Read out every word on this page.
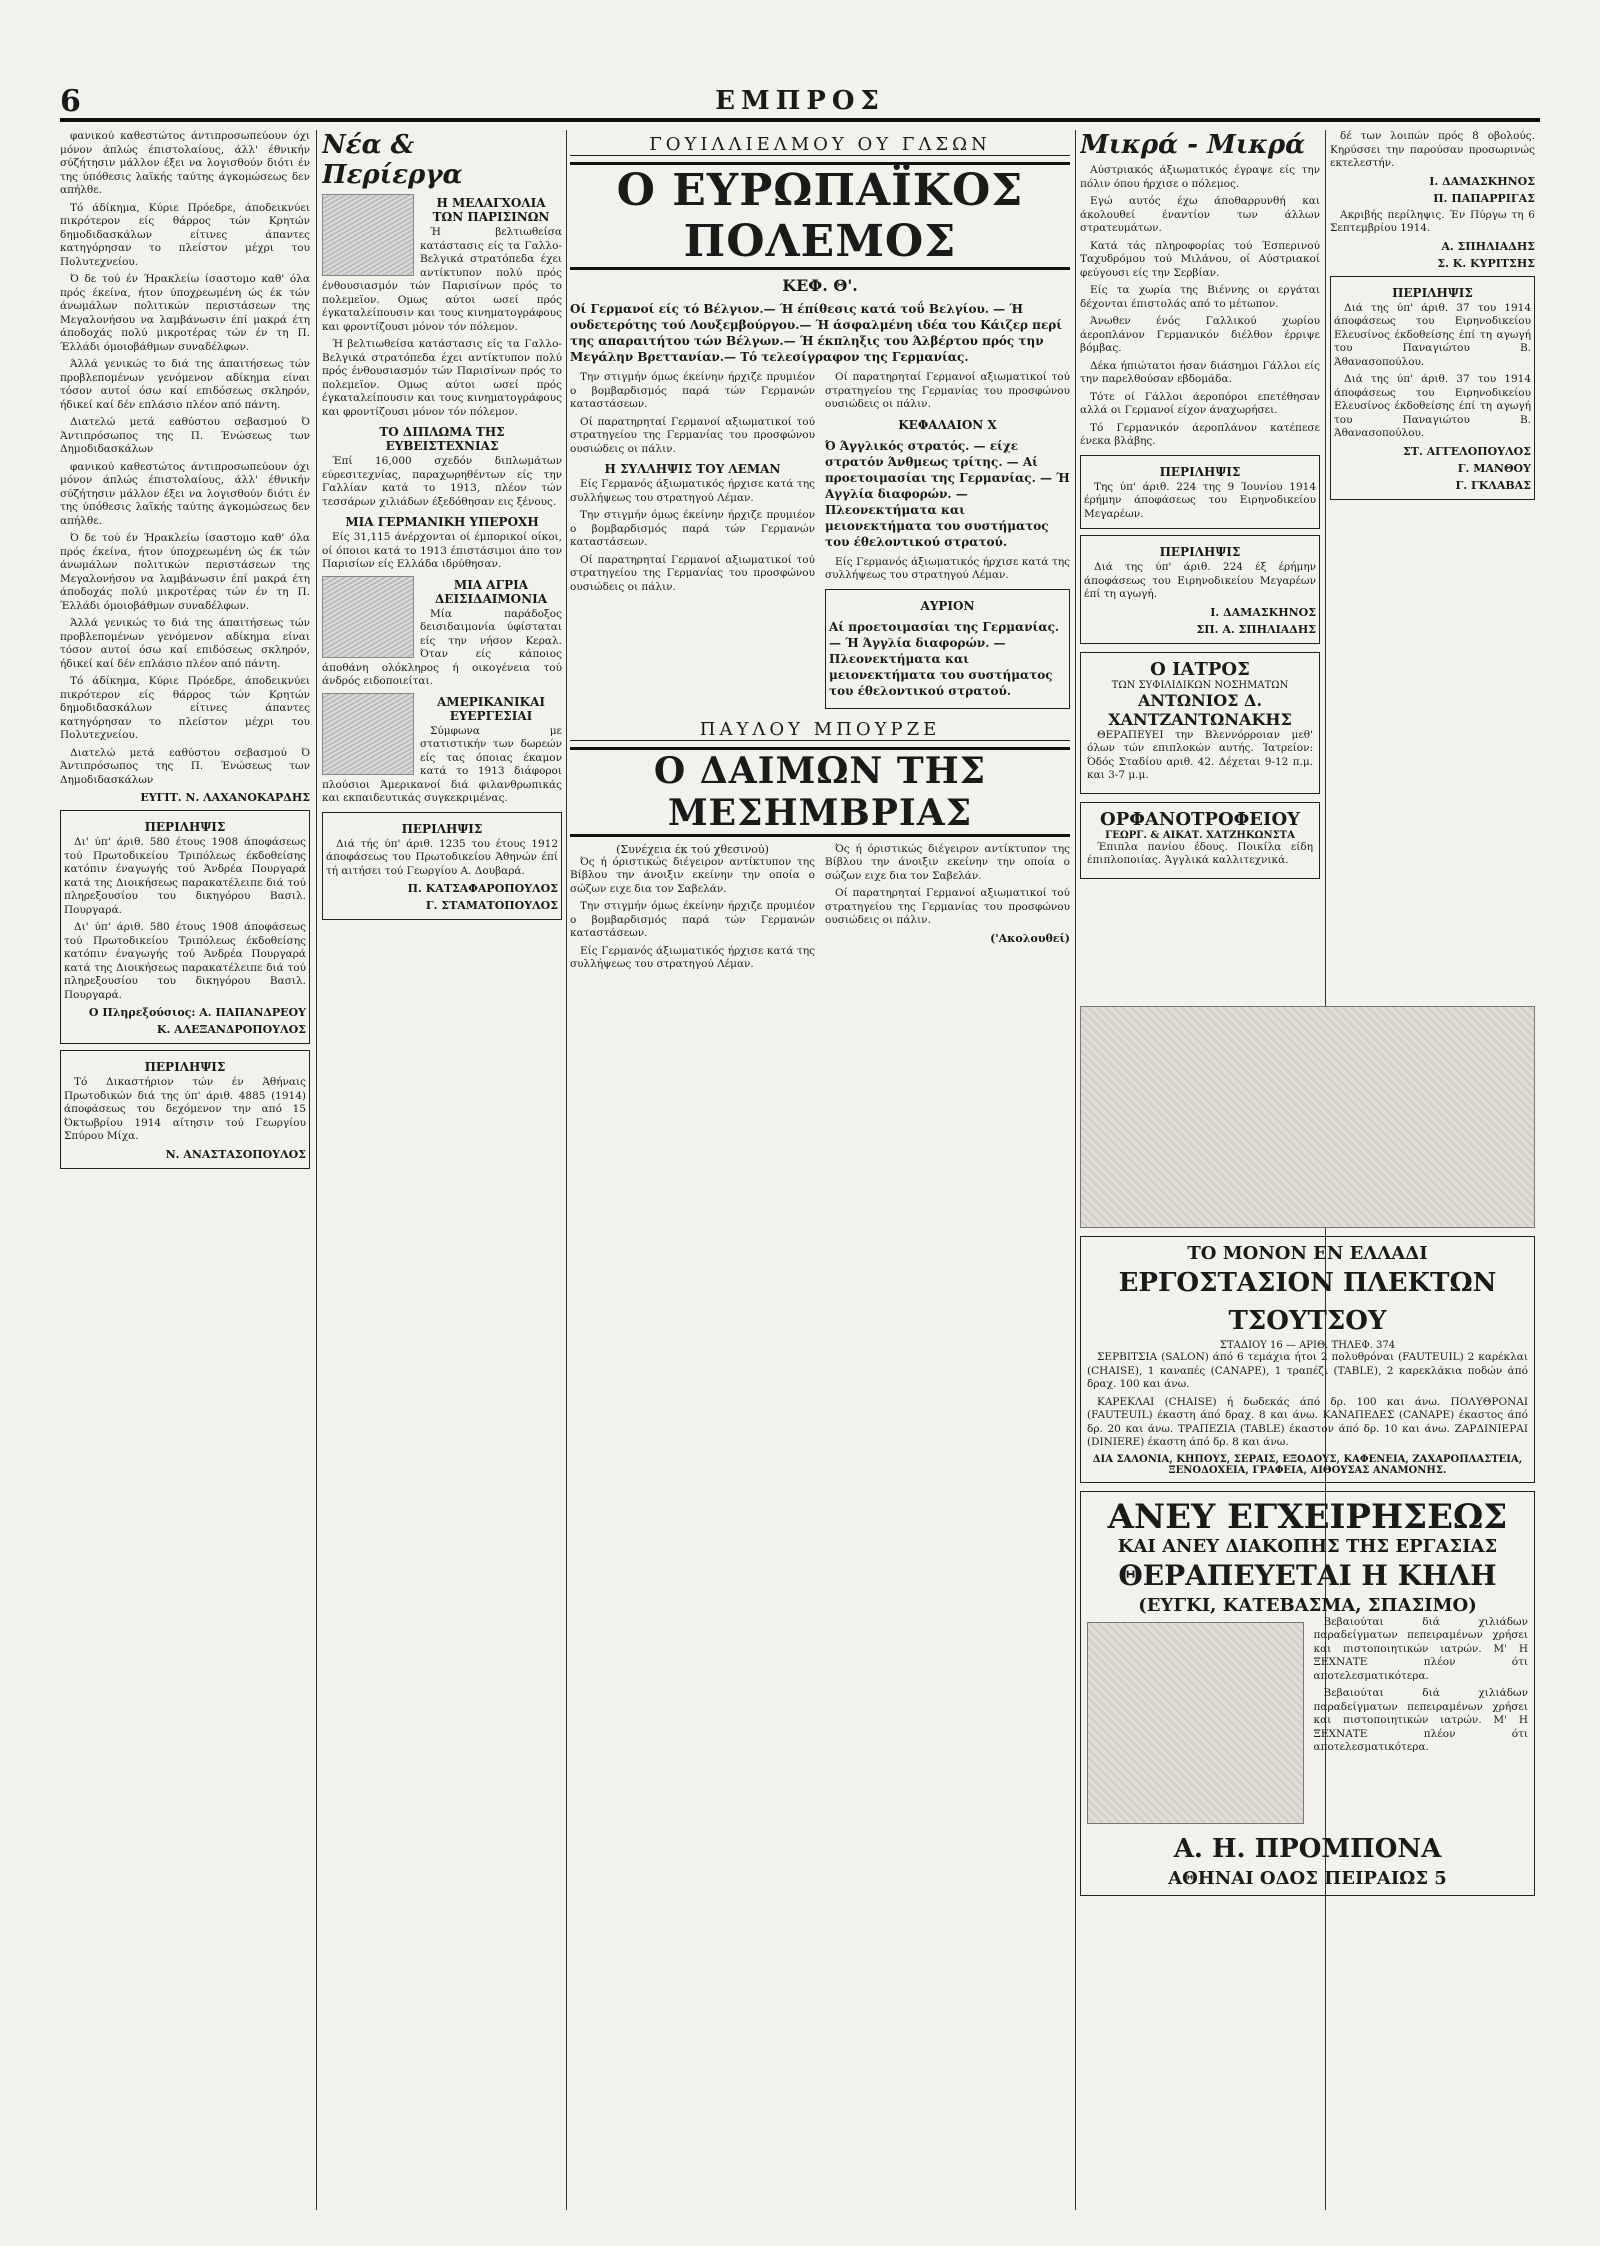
6	ΕΜΠΡΟΣ

φανικού καθεστώτος άντιπροσωπεύουν όχι μόνον άπλώς έπιστολαίους, άλλ' έθνικήν σύζήτησιν μάλλον έξει να λογισθούν διότι έν της ύπόθεσις λαϊκής ταύτης άγκομώσεως δεν απήλθε.

Τό άδίκημα, Κύριε Πρόεδρε, άποδεικνύει πικρότερον είς θάρρος τών Κρητών δημοδιδασκάλων είτινες άπαντες κατηγόρησαν το πλείστον μέχρι του Πολυτεχνείου.

Ό δε τού έν Ήρακλείω ίσαστομο καθ' όλα πρός έκείνα, ήτον ύποχρεωμένη ώς έκ τών άνωμάλων πολιτικών περιστάσεων της Μεγαλονήσου να λαμβάνωσιν έπί μακρά έτη άποδοχάς πολύ μικροτέρας τών έν τη Π. Έλλάδι όμοιοβάθμων συναδέλφων.

Άλλά γενικώς το διά της άπαιτήσεως τών προβλεπομένων γενόμενον αδίκημα είναι τόσον αυτοί όσω καί επιδόσεως σκληρόν, ήδικεί καί δέν επλάσιο πλέον από πάντη.

Διατελώ μετά εαθύστου σεβασμού Ό Άντιπρόσωπος της Π. Ένώσεως των Δημοδιδασκάλων

φανικού καθεστώτος άντιπροσωπεύουν όχι μόνον άπλώς έπιστολαίους, άλλ' έθνικήν σύζήτησιν μάλλον έξει να λογισθούν διότι έν της ύπόθεσις λαϊκής ταύτης άγκομώσεως δεν απήλθε.

Ό δε τού έν Ήρακλείω ίσαστομο καθ' όλα πρός έκείνα, ήτον ύποχρεωμένη ώς έκ τών άνωμάλων πολιτικών περιστάσεων της Μεγαλονήσου να λαμβάνωσιν έπί μακρά έτη άποδοχάς πολύ μικροτέρας τών έν τη Π. Έλλάδι όμοιοβάθμων συναδέλφων.

Άλλά γενικώς το διά της άπαιτήσεως τών προβλεπομένων γενόμενον αδίκημα είναι τόσον αυτοί όσω καί επιδόσεως σκληρόν, ήδικεί καί δέν επλάσιο πλέον από πάντη.

Τό άδίκημα, Κύριε Πρόεδρε, άποδεικνύει πικρότερον είς θάρρος τών Κρητών δημοδιδασκάλων είτινες άπαντες κατηγόρησαν το πλείστον μέχρι του Πολυτεχνείου.

Διατελώ μετά εαθύστου σεβασμού Ό Άντιπρόσωπος της Π. Ένώσεως των Δημοδιδασκάλων

ΕΥΓΙΤ. Ν. ΛΑΧΑΝΟΚΑΡΔΗΣ
ΠΕΡΙΛΗΨΙΣ

Δι' ύπ' άριθ. 580 έτους 1908 άποφάσεως τού Πρωτοδικείου Τριπόλεως έκδοθείσης κατόπιν έναγωγής τού Άνδρέα Πουργαρά κατά της Διοικήσεως παρακατέλειπε διά τού πληρεξουσίου του δικηγόρου Βασιλ. Πουργαρά.

Δι' ύπ' άριθ. 580 έτους 1908 άποφάσεως τού Πρωτοδικείου Τριπόλεως έκδοθείσης κατόπιν έναγωγής τού Άνδρέα Πουργαρά κατά της Διοικήσεως παρακατέλειπε διά τού πληρεξουσίου του δικηγόρου Βασιλ. Πουργαρά.

Ο Πληρεξούσιος: Α. ΠΑΠΑΝΔΡΕΟΥ
Κ. ΑΛΕΞΑΝΔΡΟΠΟΥΛΟΣ
ΠΕΡΙΛΗΨΙΣ

Τό Δικαστήριον τών έν Άθήναις Πρωτοδικών διά της ύπ' άριθ. 4885 (1914) άποφάσεως του δεχόμενον την από 15 Όκτωβρίου 1914 αίτησιν τού Γεωργίου Σπύρου Μίχα.

Ν. ΑΝΑΣΤΑΣΟΠΟΥΛΟΣ
Νέα & Περίεργα
Η ΜΕΛΑΓΧΟΛΙΑ ΤΩΝ ΠΑΡΙΣΙΝΩΝ

Ή βελτιωθείσα κατάστασις είς τα Γαλλο-Βελγικά στρατόπεδα έχει αντίκτυπον πολύ πρός ένθουσιασμόν τών Παρισίνων πρός το πολεμεϊον. Ομως αύτοι ωσεί πρός έγκαταλείπουσιν και τους κινηματογράφους και φροντίζουσι μόνον τόν πόλεμον.

Ή βελτιωθείσα κατάστασις είς τα Γαλλο-Βελγικά στρατόπεδα έχει αντίκτυπον πολύ πρός ένθουσιασμόν τών Παρισίνων πρός το πολεμεϊον. Ομως αύτοι ωσεί πρός έγκαταλείπουσιν και τους κινηματογράφους και φροντίζουσι μόνον τόν πόλεμον.

ΤΟ ΔΙΠΛΩΜΑ ΤΗΣ ΕΥΒΕΙΣΤΕΧΝΙΑΣ

Έπί 16,000 σχεδόν διπλωμάτων εύρεσιτεχνίας, παραχωρηθέντων είς την Γαλλίαν κατά το 1913, πλέον τών τεσσάρων χιλιάδων έξεδόθησαν εις ξένους.

ΜΙΑ ΓΕΡΜΑΝΙΚΗ ΥΠΕΡΟΧΗ

Είς 31,115 άνέρχονται οί έμπορικοί οίκοι, οί όποιοι κατά το 1913 έπιστάσιμοι άπο τον Παρισίων είς Ελλάδα ιδρύθησαν.

ΜΙΑ ΑΓΡΙΑ ΔΕΙΣΙΔΑΙΜΟΝΙΑ

Μία παράδοξος δεισιδαιμονία ύφίσταται είς την νήσον Κεραλ. Όταν είς κάποιος άποθάνη ολόκληρος ή οικογένεια τού άνδρός ειδοποιείται.

ΑΜΕΡΙΚΑΝΙΚΑΙ ΕΥΕΡΓΕΣΙΑΙ

Σύμφωνα με στατιστικήν των δωρεών είς τας όποιας έκαμον κατά το 1913 διάφοροι πλούσιοι Άμερικανοί διά φιλανθρωπικάς και εκπαιδευτικάς συγκεκριμένας.

ΠΕΡΙΛΗΨΙΣ

Διά τής ύπ' άριθ. 1235 του έτους 1912 άποφάσεως του Πρωτοδικείου Άθηνών έπί τή αιτήσει τού Γεωργίου Α. Δουβαρά.

Π. ΚΑΤΣΑΦΑΡΟΠΟΥΛΟΣ
Γ. ΣΤΑΜΑΤΟΠΟΥΛΟΣ
ΓΟΥΙΛΛΙΕΛΜΟΥ ΟΥ ΓΛΣΩΝ
Ο ΕΥΡΩΠΑΪΚΟΣ ΠΟΛΕΜΟΣ
ΚΕΦ. Θ'.
Οί Γερμανοί είς τό Βέλγιον.— Ή έπίθεσις κατά τοΰ Βελγίου. — Ή ουδετερότης τού Λουξεμβούργου.— Ή άσφαλμένη ιδέα του Κάιζερ περί της απαραιτήτου τών Βέλγων.— Ή έκπληξις του Άλβέρτου πρός την Μεγάλην Βρεττανίαν.— Τό τελεσίγραφον της Γερμανίας.

Την στιγμήν όμως έκείνην ήρχιζε πρυμιέον ο βομβαρδισμός παρά τών Γερμανών καταστάσεων.

Οί παρατηρηταί Γερμανοί αξιωματικοί τού στρατηγείου της Γερμανίας του προσφώνου ουσιώδεις οι πάλιν.

Η ΣΥΛΛΗΨΙΣ ΤΟΥ ΛΕΜΑΝ

Είς Γερμανός άξιωματικός ήρχισε κατά της συλλήψεως του στρατηγού Λέμαν.

Την στιγμήν όμως έκείνην ήρχιζε πρυμιέον ο βομβαρδισμός παρά τών Γερμανών καταστάσεων.

Οί παρατηρηταί Γερμανοί αξιωματικοί τού στρατηγείου της Γερμανίας του προσφώνου ουσιώδεις οι πάλιν.

Οί παρατηρηταί Γερμανοί αξιωματικοί τού στρατηγείου της Γερμανίας του προσφώνου ουσιώδεις οι πάλιν.

ΚΕΦΑΛΑΙΟΝ Χ
Ό Άγγλικός στρατός. — είχε στρατόν Άνθμεως τρίτης. — Αί προετοιμασίαι της Γερμανίας. — Ή Αγγλία διαφορών. — Πλεονεκτήματα και μειονεκτήματα του συστήματος του έθελοντικού στρατού.

Είς Γερμανός άξιωματικός ήρχισε κατά της συλλήψεως του στρατηγού Λέμαν.

ΑΥΡΙΟΝ
Αί προετοιμασίαι της Γερμανίας. — Ή Άγγλία διαφορών. — Πλεονεκτήματα και μειονεκτήματα του συστήματος του έθελοντικού στρατού.
ΠΑΥΛΟΥ ΜΠΟΥΡΖΕ
Ο ΔΑΙΜΩΝ ΤΗΣ ΜΕΣΗΜΒΡΙΑΣ
(Συνέχεια έκ τού χθεσινού)

Ός ή όριστικώς διέγειρον αντίκτυπον της Βίβλου την άνοιξιν εκείνην την οποία ο σώζων ειχε δια τον Σαβελάν.

Την στιγμήν όμως έκείνην ήρχιζε πρυμιέον ο βομβαρδισμός παρά τών Γερμανών καταστάσεων.

Είς Γερμανός άξιωματικός ήρχισε κατά της συλλήψεως του στρατηγού Λέμαν.

Ός ή όριστικώς διέγειρον αντίκτυπον της Βίβλου την άνοιξιν εκείνην την οποία ο σώζων ειχε δια τον Σαβελάν.

Οί παρατηρηταί Γερμανοί αξιωματικοί τού στρατηγείου της Γερμανίας του προσφώνου ουσιώδεις οι πάλιν.

('Ακολουθεί)
Μικρά - Μικρά

Αύστριακός άξιωματικός έγραψε είς την πόλιν όπου ήρχισε ο πόλεμος.

Εγώ αυτός έχω άποθαρρυνθή και άκολουθεί έναντίον των άλλων στρατευμάτων.

Κατά τάς πληροφορίας τού Έσπερινού Ταχυδρόμου τού Μιλάνου, οί Αύστριακοί φεύγουσι είς την Σερβίαν.

Είς τα χωρία της Βιέννης οι εργάται δέχονται έπιστολάς από το μέτωπον.

Άνωθεν ένός Γαλλικού χωρίου άεροπλάνον Γερμανικόν διέλθον έρριψε βόμβας.

Δέκα ήπιώτατοι ήσαν διάσημοι Γάλλοι είς την παρελθούσαν εβδομάδα.

Τότε οί Γάλλοι άεροπόροι επετέθησαν αλλά οι Γερμανοί είχον άναχωρήσει.

Τό Γερμανικόν άεροπλάνον κατέπεσε ένεκα βλάβης.

ΠΕΡΙΛΗΨΙΣ

Της ύπ' άριθ. 224 της 9 Ίουνίου 1914 έρήμην άποφάσεως του Ειρηνοδικείου Μεγαρέων.

ΠΕΡΙΛΗΨΙΣ

Διά της ύπ' άριθ. 224 έξ έρήμην άποφάσεως του Ειρηνοδικείου Μεγαρέων έπί τη αγωγή.

Ι. ΔΑΜΑΣΚΗΝΟΣ
ΣΠ. Α. ΣΠΗΛΙΑΔΗΣ
Ο ΙΑΤΡΟΣ
ΤΩΝ ΣΥΦΙΛΙΔΙΚΩΝ ΝΟΣΗΜΑΤΩΝ
ΑΝΤΩΝΙΟΣ Δ. ΧΑΝΤΖΑΝΤΩΝΑΚΗΣ

ΘΕΡΑΠΕΥΕΙ την Βλεννόρροιαν μεθ' όλων τών επιπλοκών αυτής. Ίατρείον: Όδός Σταδίου αριθ. 42. Δέχεται 9-12 π.μ. και 3-7 μ.μ.

ΟΡΦΑΝΟΤΡΟΦΕΙΟΥ
ΓΕΩΡΓ. & ΑΙΚΑΤ. ΧΑΤΖΗΚΩΝΣΤΑ

Έπιπλα πανίου έδους. Ποικίλα είδη έπιπλοποιίας. Άγγλικά καλλιτεχνικά.

δέ των λοιπών πρός 8 οβολούς. Κηρύσσει την παρούσαν προσωρινώς εκτελεστήν.

Ι. ΔΑΜΑΣΚΗΝΟΣ
Π. ΠΑΠΑΡΡΙΓΑΣ

Ακριβής περίληψις. Έν Πύργω τη 6 Σεπτεμβρίου 1914.

Α. ΣΠΗΛΙΑΔΗΣ
Σ. Κ. ΚΥΡΙΤΣΗΣ
ΠΕΡΙΛΗΨΙΣ

Διά της ύπ' άριθ. 37 του 1914 άποφάσεως του Ειρηνοδικείου Ελευσίνος έκδοθείσης έπί τη αγωγή του Παναγιώτου Β. Άθανασοπούλου.

Διά της ύπ' άριθ. 37 του 1914 άποφάσεως του Ειρηνοδικείου Ελευσίνος έκδοθείσης έπί τη αγωγή του Παναγιώτου Β. Άθανασοπούλου.

ΣΤ. ΑΓΓΕΛΟΠΟΥΛΟΣ
Γ. ΜΑΝΘΟΥ
Γ. ΓΚΛΑΒΑΣ
ΤΟ ΜΟΝΟΝ ΕΝ ΕΛΛΑΔΙ
ΕΡΓΟΣΤΑΣΙΟΝ ΠΛΕΚΤΩΝ ΤΣΟΥΤΣΟΥ
ΣΤΑΔΙΟΥ 16 — ΑΡΙΘ. ΤΗΛΕΦ. 374

ΣΕΡΒΙΤΣΙΑ (SALON) άπό 6 τεμάχια ήτοι 2 πολυθρόναι (FAUTEUIL) 2 καρέκλαι (CHAISE), 1 καναπές (CANAPE), 1 τραπέζι (TABLE), 2 καρεκλάκια ποδών άπό δραχ. 100 και άνω.

ΚΑΡΕΚΛΑΙ (CHAISE) ή δωδεκάς άπό δρ. 100 και άνω. ΠΟΛΥΘΡΟΝΑΙ (FAUTEUIL) έκαστη άπό δραχ. 8 και άνω. ΚΑΝΑΠΕΔΕΣ (CANAPE) έκαστος άπό δρ. 20 και άνω. ΤΡΑΠΕΖΙΑ (TABLE) έκαστον άπό δρ. 10 και άνω. ΖΑΡΔΙΝΙΕΡΑΙ (DINIERE) έκαστη άπό δρ. 8 και άνω.

ΔΙΑ ΣΑΛΟΝΙΑ, ΚΗΠΟΥΣ, ΣΕΡΑΙΣ, ΕΞΟΔΟΥΣ, ΚΑΦΕΝΕΙΑ, ΖΑΧΑΡΟΠΛΑΣΤΕΙΑ, ΞΕΝΟΔΟΧΕΙΑ, ΓΡΑΦΕΙΑ, ΑΙΘΟΥΣΑΣ ΑΝΑΜΟΝΗΣ.
ΑΝΕΥ ΕΓΧΕΙΡΗΣΕΩΣ
ΚΑΙ ΑΝΕΥ ΔΙΑΚΟΠΗΣ ΤΗΣ ΕΡΓΑΣΙΑΣ
ΘΕΡΑΠΕΥΕΤΑΙ Η ΚΗΛΗ
(ΕΥΓΚΙ, ΚΑΤΕΒΑΣΜΑ, ΣΠΑΣΙΜΟ)

Βεβαιούται διά χιλιάδων παραδείγματων πεπειραμένων χρήσει και πιστοποιητικών ιατρών. Μ' Η ΞΕΧΝΑΤΕ πλέον ότι αποτελεσματικότερα.

Βεβαιούται διά χιλιάδων παραδείγματων πεπειραμένων χρήσει και πιστοποιητικών ιατρών. Μ' Η ΞΕΧΝΑΤΕ πλέον ότι αποτελεσματικότερα.

Α. Η. ΠΡΟΜΠΟΝΑ
ΑΘΗΝΑΙ ΟΔΟΣ ΠΕΙΡΑΙΩΣ 5
